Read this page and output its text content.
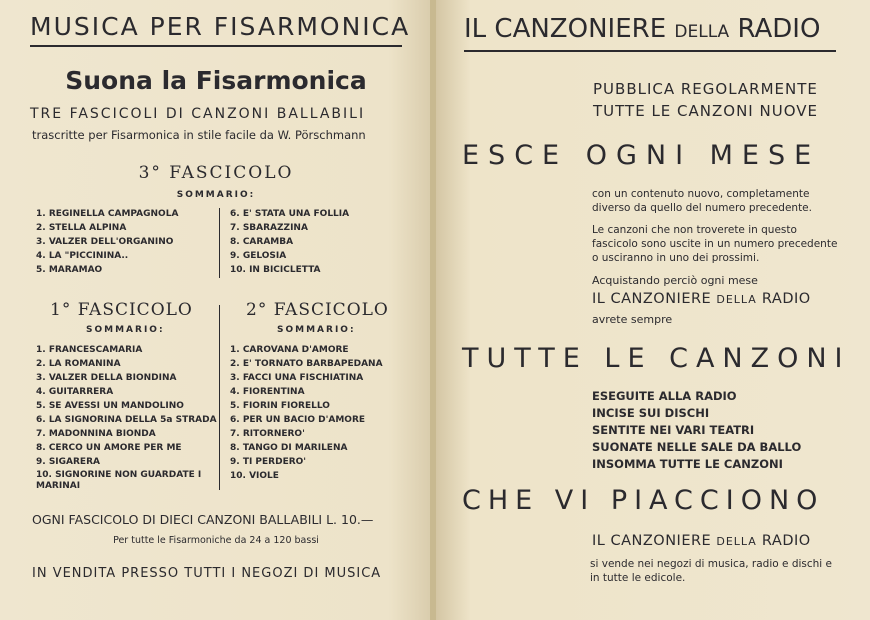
MUSICA PER FISARMONICA
Suona la Fisarmonica
TRE FASCICOLI DI CANZONI BALLABILI
trascritte per Fisarmonica in stile facile da W. Pörschmann
3° FASCICOLO
SOMMARIO:
1. REGINELLA CAMPAGNOLA
2. STELLA ALPINA
3. VALZER DELL'ORGANINO
4. LA "PICCININA..
5. MARAMAO
6. E' STATA UNA FOLLIA
7. SBARAZZINA
8. CARAMBA
9. GELOSIA
10. IN BICICLETTA
1° FASCICOLO
SOMMARIO:
1. FRANCESCAMARIA
2. LA ROMANINA
3. VALZER DELLA BIONDINA
4. GUITARRERA
5. SE AVESSI UN MANDOLINO
6. LA SIGNORINA DELLA 5a STRADA
7. MADONNINA BIONDA
8. CERCO UN AMORE PER ME
9. SIGARERA
10. SIGNORINE NON GUARDATE I MARINAI
2° FASCICOLO
SOMMARIO:
1. CAROVANA D'AMORE
2. E' TORNATO BARBAPEDANA
3. FACCI UNA FISCHIATINA
4. FIORENTINA
5. FIORIN FIORELLO
6. PER UN BACIO D'AMORE
7. RITORNERO'
8. TANGO DI MARILENA
9. TI PERDERO'
10. VIOLE
OGNI FASCICOLO DI DIECI CANZONI BALLABILI L. 10.—
Per tutte le Fisarmoniche da 24 a 120 bassi
IN VENDITA PRESSO TUTTI I NEGOZI DI MUSICA
IL CANZONIERE DELLA RADIO
PUBBLICA REGOLARMENTE
TUTTE LE CANZONI NUOVE
ESCE OGNI MESE
con un contenuto nuovo, completamente diverso da quello del numero precedente.
Le canzoni che non troverete in questo fascicolo sono uscite in un numero precedente o usciranno in uno dei prossimi.
Acquistando perciò ogni mese
IL CANZONIERE DELLA RADIO
avrete sempre
TUTTE LE CANZONI
ESEGUITE ALLA RADIO
INCISE SUI DISCHI
SENTITE NEI VARI TEATRI
SUONATE NELLE SALE DA BALLO
INSOMMA TUTTE LE CANZONI
CHE VI PIACCIONO
IL CANZONIERE DELLA RADIO
si vende nei negozi di musica, radio e dischi e in tutte le edicole.
